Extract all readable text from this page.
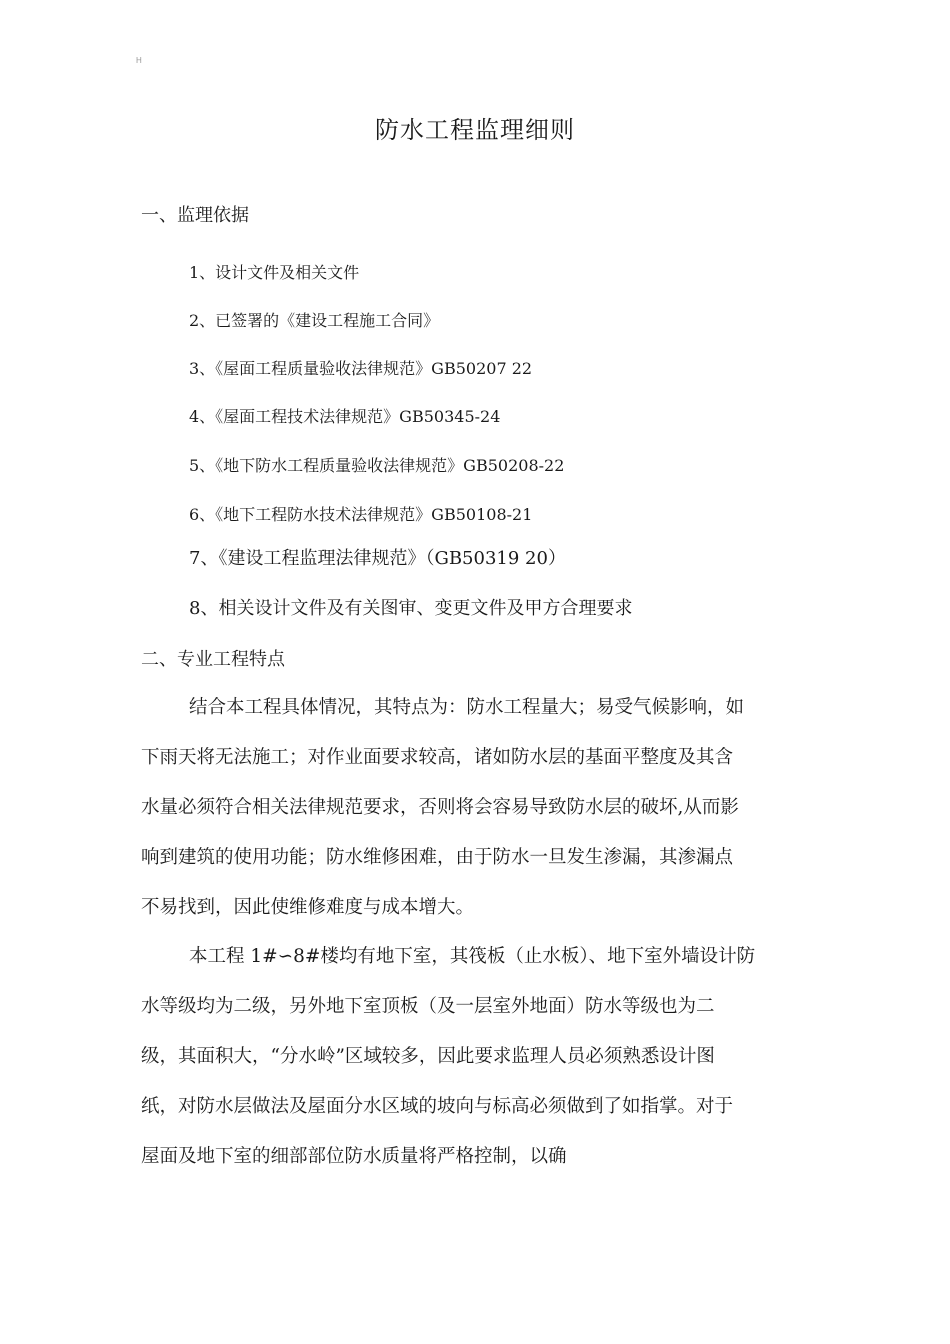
H
防水工程监理细则
一、监理依据
1、设计文件及相关文件
2、已签署的《建设工程施工合同》
3、《屋面工程质量验收法律规范》GB50207 22
4、《屋面工程技术法律规范》GB50345-24
5、《地下防水工程质量验收法律规范》GB50208-22
6、《地下工程防水技术法律规范》GB50108-21
7、《建设工程监理法律规范》（GB50319 20）
8、相关设计文件及有关图审、变更文件及甲方合理要求
二、专业工程特点
结合本工程具体情况，其特点为：防水工程量大；易受气候影响，如
下雨天将无法施工；对作业面要求较高，诸如防水层的基面平整度及其含
水量必须符合相关法律规范要求，否则将会容易导致防水层的破坏,从而影
响到建筑的使用功能；防水维修困难，由于防水一旦发生渗漏，其渗漏点
不易找到，因此使维修难度与成本增大。
本工程 1#∽8#楼均有地下室，其筏板（止水板）、地下室外墙设计防
水等级均为二级，另外地下室顶板（及一层室外地面）防水等级也为二
级，其面积大，“分水岭”区域较多，因此要求监理人员必须熟悉设计图
纸，对防水层做法及屋面分水区域的坡向与标高必须做到了如指掌。对于
屋面及地下室的细部部位防水质量将严格控制，以确
